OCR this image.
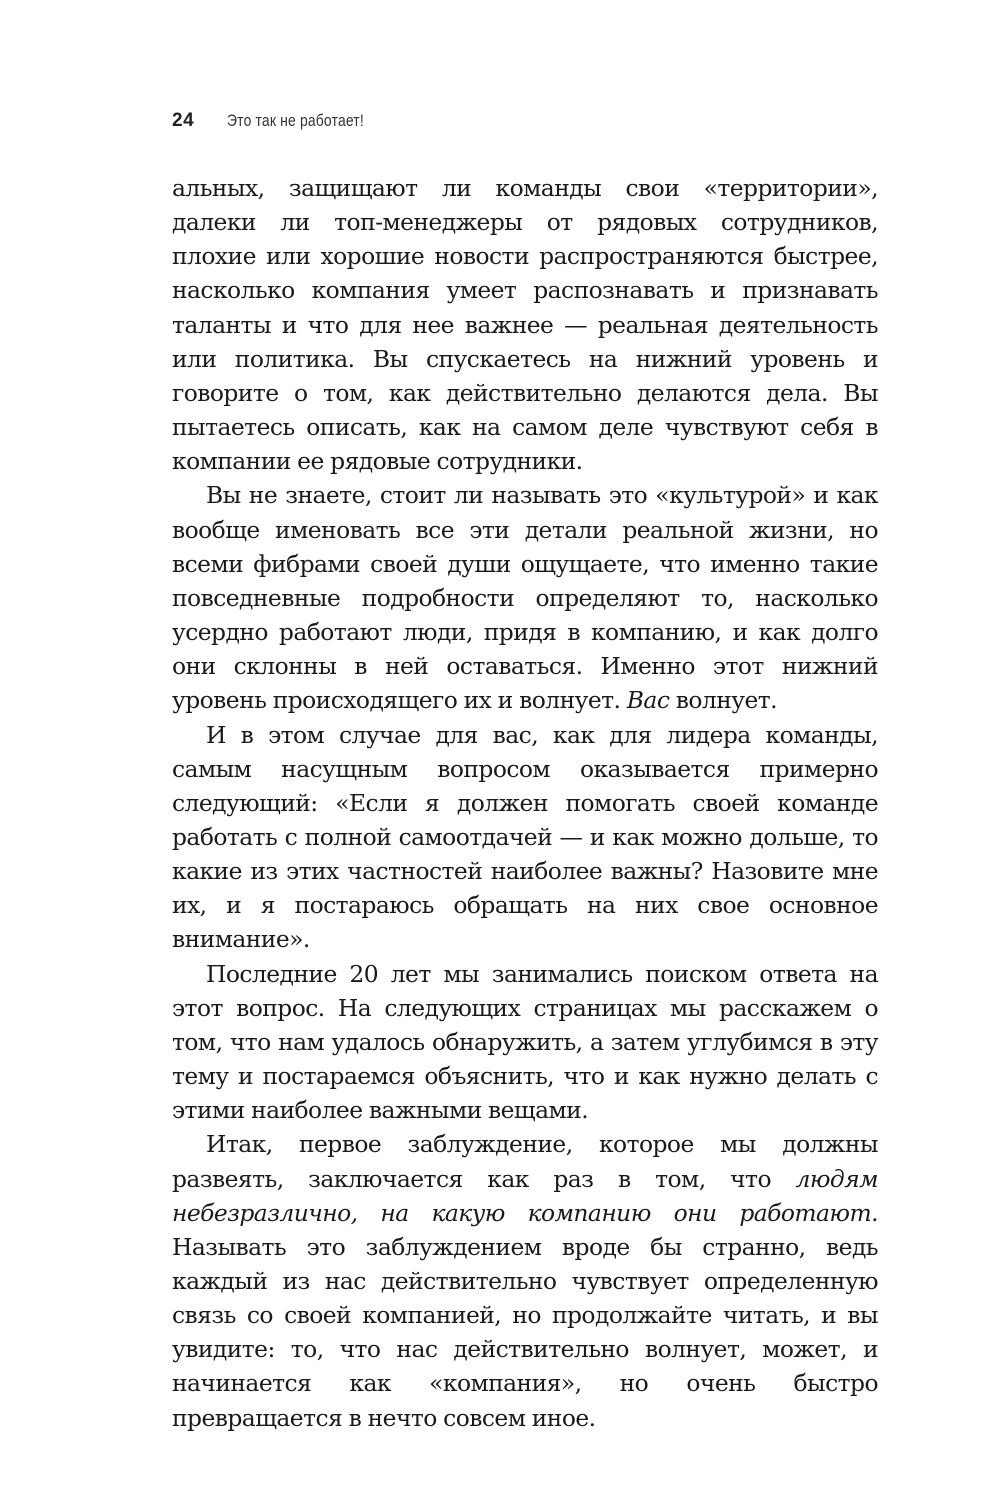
24 Это так не работает!

альных, защищают ли команды свои «территории», далеки ли топ-менеджеры от рядовых сотрудников, плохие или хорошие новости распространяются быстрее, насколько компания умеет распознавать и признавать таланты и что для нее важнее — реальная деятельность или политика. Вы спускаетесь на нижний уровень и говорите о том, как действительно делаются дела. Вы пытаетесь описать, как на самом деле чувствуют себя в компании ее рядовые сотрудники.

Вы не знаете, стоит ли называть это «культурой» и как вообще именовать все эти детали реальной жизни, но всеми фибрами своей души ощущаете, что именно такие повседневные подробности определяют то, насколько усердно работают люди, придя в компанию, и как долго они склонны в ней оставаться. Именно этот нижний уровень происходящего их и волнует. Вас волнует.

И в этом случае для вас, как для лидера команды, самым насущным вопросом оказывается примерно следующий: «Если я должен помогать своей команде работать с полной самоотдачей — и как можно дольше, то какие из этих частностей наиболее важны? Назовите мне их, и я постараюсь обращать на них свое основное внимание».

Последние 20 лет мы занимались поиском ответа на этот вопрос. На следующих страницах мы расскажем о том, что нам удалось обнаружить, а затем углубимся в эту тему и постараемся объяснить, что и как нужно делать с этими наиболее важными вещами.

Итак, первое заблуждение, которое мы должны развеять, заключается как раз в том, что людям небезразлично, на какую компанию они работают. Называть это заблуждением вроде бы странно, ведь каждый из нас действительно чувствует определенную связь со своей компанией, но продолжайте читать, и вы увидите: то, что нас действительно волнует, может, и начинается как «компания», но очень быстро превращается в нечто совсем иное.
